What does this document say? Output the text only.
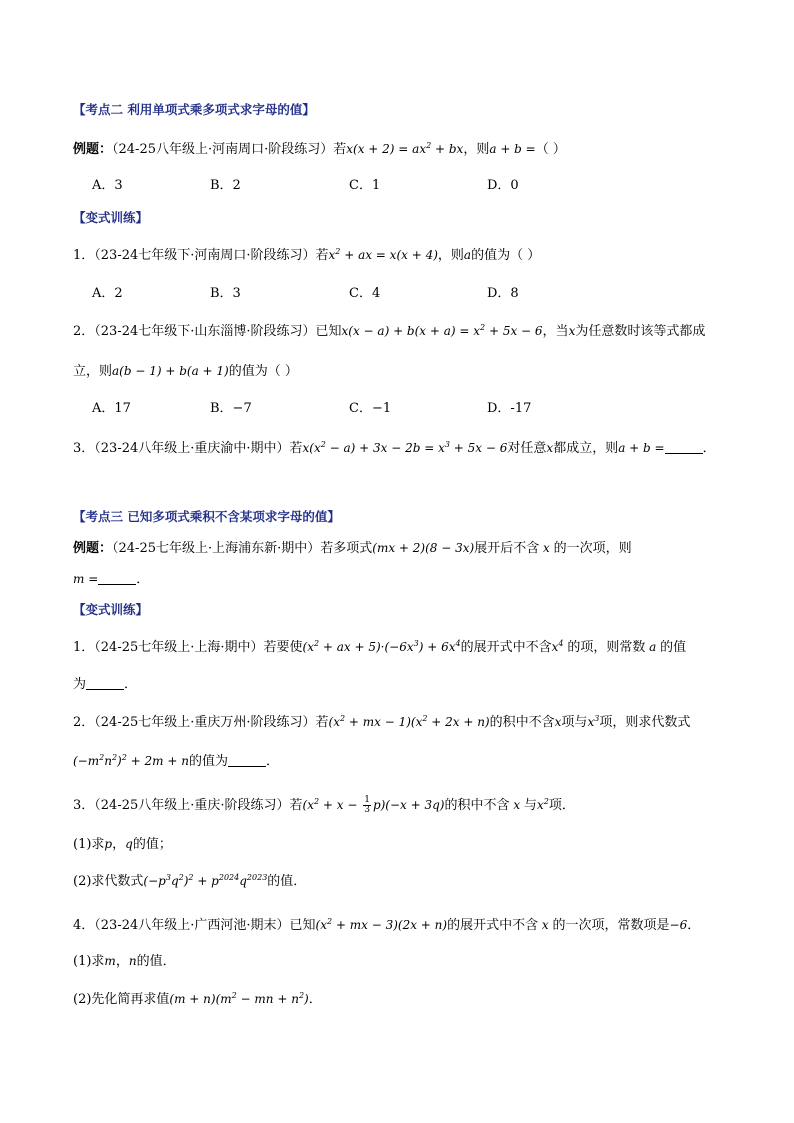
【考点二 利用单项式乘多项式求字母的值】
例题：（24-25八年级上·河南周口·阶段练习）若$x(x + 2) = ax^2$ + bx，则a + b =（ ）
A．3	B．2	C．1	D．0
【变式训练】
1．（23-24七年级下·河南周口·阶段练习）若$x^2$ + ax = x(x + 4)，则a的值为（ ）
A．2	B．3	C．4	D．8
2．（23-24七年级下·山东淄博·阶段练习）已知$x(x - a) + b(x + a) = x^2 + 5x - 6$，当x为任意数时该等式都成
立，则a(b − 1) + b(a + 1)的值为（ ）
A．17	B．−7	C．−1	D．-17
3．（23-24八年级上·重庆渝中·期中）若$x(x^2 - a) + 3x - 2b = x^3 + 5x - 6$对任意x都成立，则a + b =	．
【考点三 已知多项式乘积不含某项求字母的值】
例题：（24-25七年级上·上海浦东新·期中）若多项式(mx + 2)(8 − 3x)展开后不含 x 的一次项，则
m =	．
【变式训练】
1．（24-25七年级上·上海·期中）若要使($x^2$ + ax + $5)\cdot(-6x^3) + 6x^4$的展开式中不含$x^4$ 的项，则常数 a 的值
为	．
2．（24-25七年级上·重庆万州·阶段练习）若($x^2$ + mx − $1)(x^2 + 2x + n)$的积中不含x项与$x^3$项，则求代数式
$(-m^2n^2)^2 + 2m + n$的值为	．
3．（24-25八年级上·重庆·阶段练习）若$(x^2 + x - \frac{1}{3} p)(-x + 3q)$的积中不含 x 与$x^2$项．
(1)求p，q的值；
(2)求代数式$(-p^3q^2)^2 + p^{2024}q^{2023}$的值．
4．（23-24八年级上·广西河池·期末）已知($x^2$ + mx − 3)(2x + n)的展开式中不含 x 的一次项，常数项是−6．
(1)求m，n的值．
(2)先化简再求值$(m + n)(m^2$ − mn + $n^2$)．
